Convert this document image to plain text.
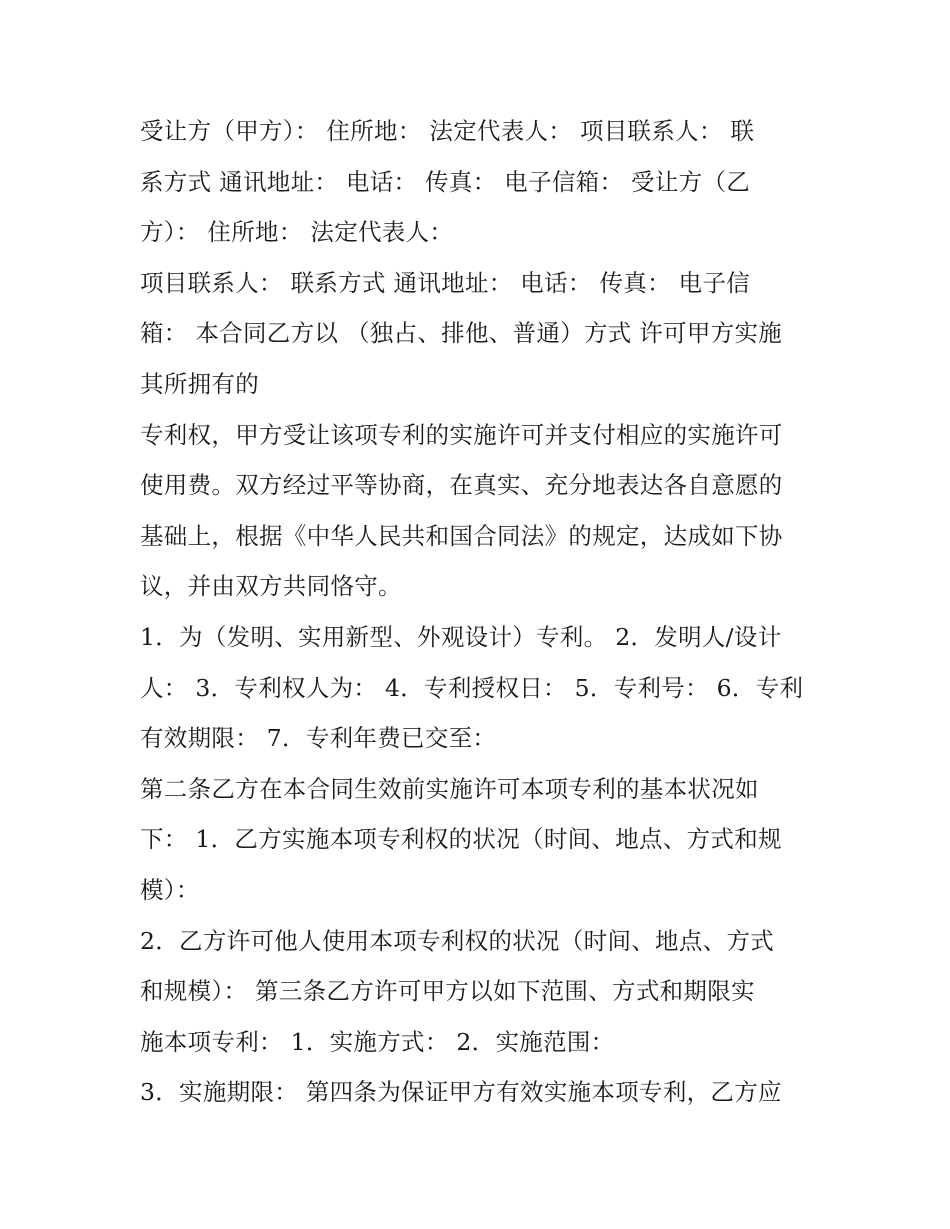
受让方（甲方）： 住所地： 法定代表人： 项目联系人： 联
系方式 通讯地址： 电话： 传真： 电子信箱： 受让方（乙
方）： 住所地： 法定代表人：
项目联系人： 联系方式 通讯地址： 电话： 传真： 电子信
箱： 本合同乙方以 （独占、排他、普通）方式 许可甲方实施
其所拥有的
专利权，甲方受让该项专利的实施许可并支付相应的实施许可
使用费。双方经过平等协商，在真实、充分地表达各自意愿的
基础上，根据《中华人民共和国合同法》的规定，达成如下协
议，并由双方共同恪守。
1．为（发明、实用新型、外观设计）专利。 2．发明人/设计
人： 3．专利权人为： 4．专利授权日： 5．专利号： 6．专利
有效期限： 7．专利年费已交至：
第二条乙方在本合同生效前实施许可本项专利的基本状况如
下： 1．乙方实施本项专利权的状况（时间、地点、方式和规
模）：
2．乙方许可他人使用本项专利权的状况（时间、地点、方式
和规模）： 第三条乙方许可甲方以如下范围、方式和期限实
施本项专利： 1．实施方式： 2．实施范围：
3．实施期限： 第四条为保证甲方有效实施本项专利，乙方应
